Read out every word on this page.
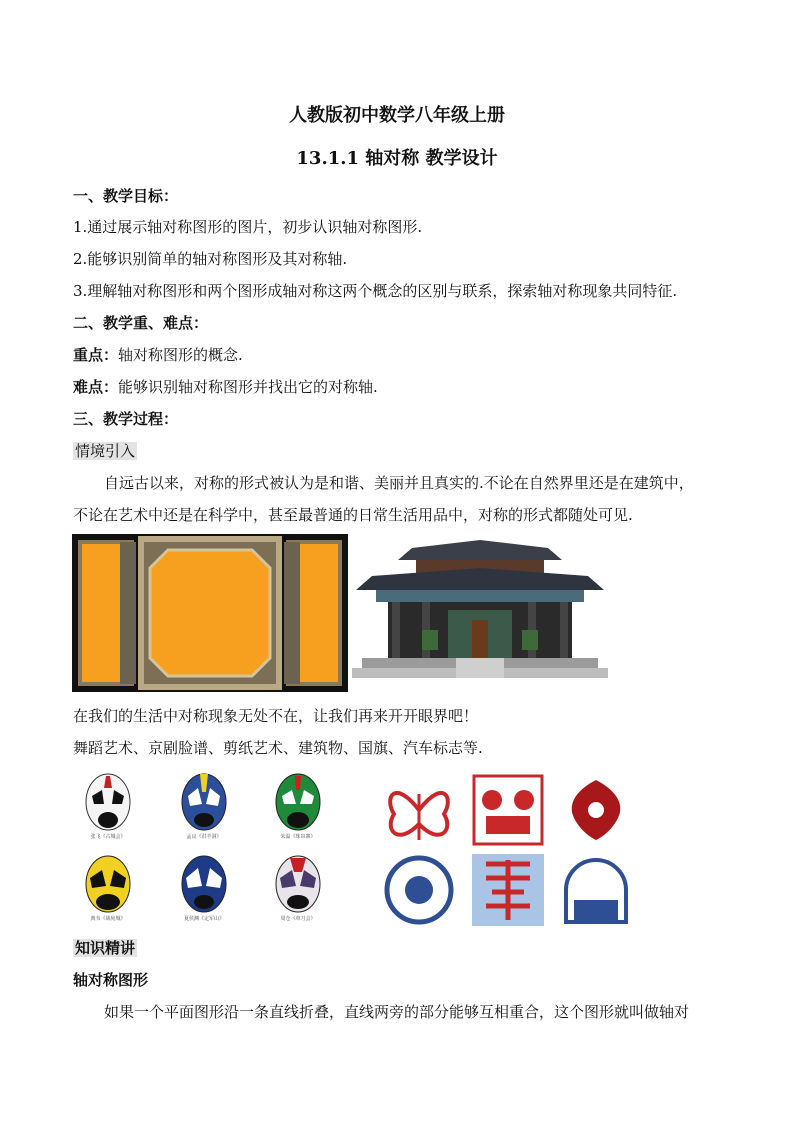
人教版初中数学八年级上册
13.1.1 轴对称 教学设计
一、教学目标：
1.通过展示轴对称图形的图片，初步认识轴对称图形.
2.能够识别简单的轴对称图形及其对称轴.
3.理解轴对称图形和两个图形成轴对称这两个概念的区别与联系，探索轴对称现象共同特征.
二、教学重、难点：
重点：轴对称图形的概念.
难点：能够识别轴对称图形并找出它的对称轴.
三、教学过程：
情境引入
自远古以来，对称的形式被认为是和谐、美丽并且真实的.不论在自然界里还是在建筑中，
不论在艺术中还是在科学中，甚至最普通的日常生活用品中，对称的形式都随处可见.
在我们的生活中对称现象无处不在，让我们再来开开眼界吧！
舞蹈艺术、京剧脸谱、剪纸艺术、建筑物、国旗、汽车标志等.
张飞《古城会》	孟良《洪羊洞》	朱温《珠帘寨》
典韦《战宛城》	夏侯渊《定军山》	周仓《单刀会》
知识精讲
轴对称图形
如果一个平面图形沿一条直线折叠，直线两旁的部分能够互相重合，这个图形就叫做轴对
